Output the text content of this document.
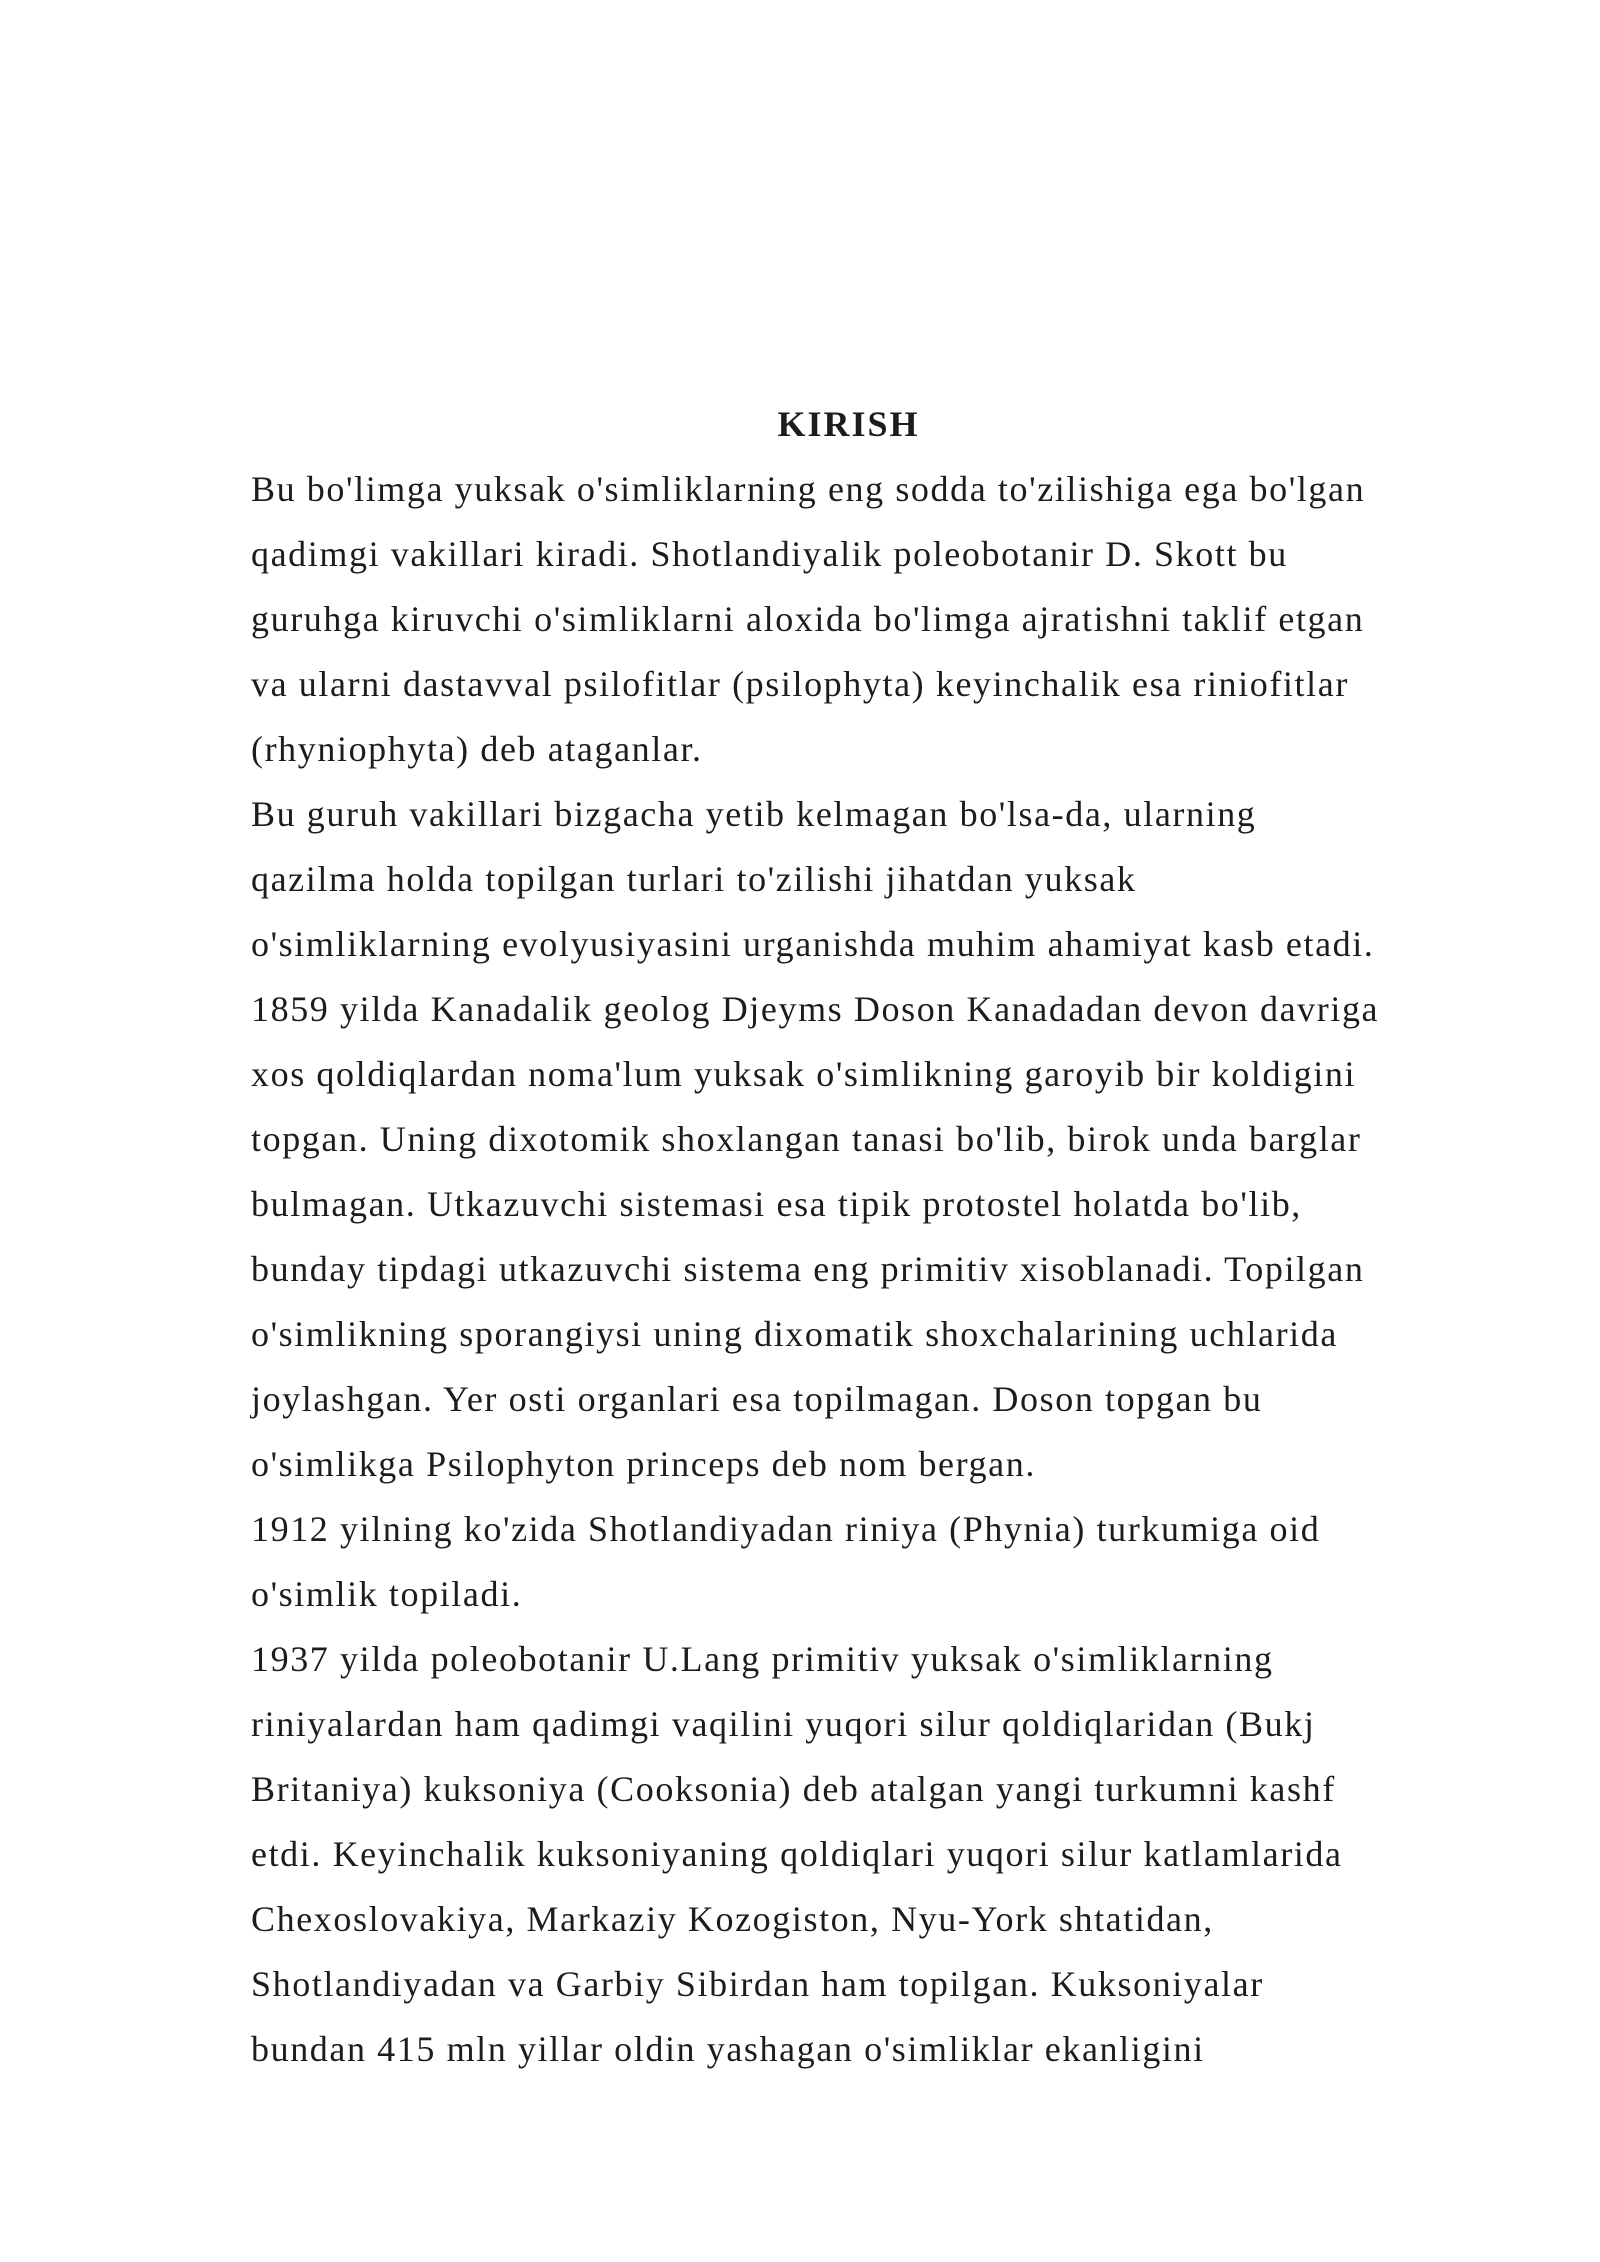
KIRISH
Bu bo'limga yuksak o'simliklarning eng sodda to'zilishiga ega bo'lgan
qadimgi vakillari kiradi. Shotlandiyalik poleobotanir D. Skott bu
guruhga kiruvchi o'simliklarni aloxida bo'limga ajratishni taklif etgan
va ularni dastavval psilofitlar (psilophyta) keyinchalik esa riniofitlar
(rhyniophyta) deb ataganlar.
Bu guruh vakillari bizgacha yetib kelmagan bo'lsa-da, ularning
qazilma holda topilgan turlari to'zilishi jihatdan yuksak
o'simliklarning evolyusiyasini urganishda muhim ahamiyat kasb etadi.
1859 yilda Kanadalik geolog Djeyms Doson Kanadadan devon davriga
xos qoldiqlardan noma'lum yuksak o'simlikning garoyib bir koldigini
topgan. Uning dixotomik shoxlangan tanasi bo'lib, birok unda barglar
bulmagan. Utkazuvchi sistemasi esa tipik protostel holatda bo'lib,
bunday tipdagi utkazuvchi sistema eng primitiv xisoblanadi. Topilgan
o'simlikning sporangiysi uning dixomatik shoxchalarining uchlarida
joylashgan. Yer osti organlari esa topilmagan. Doson topgan bu
o'simlikga Psilophyton princeps deb nom bergan.
1912 yilning ko'zida Shotlandiyadan riniya (Phynia) turkumiga oid
o'simlik topiladi.
1937 yilda poleobotanir U.Lang primitiv yuksak o'simliklarning
riniyalardan ham qadimgi vaqilini yuqori silur qoldiqlaridan (Bukj
Britaniya) kuksoniya (Cooksonia) deb atalgan yangi turkumni kashf
etdi. Keyinchalik kuksoniyaning qoldiqlari yuqori silur katlamlarida
Chexoslovakiya, Markaziy Kozogiston, Nyu-York shtatidan,
Shotlandiyadan va Garbiy Sibirdan ham topilgan. Kuksoniyalar
bundan 415 mln yillar oldin yashagan o'simliklar ekanligini
